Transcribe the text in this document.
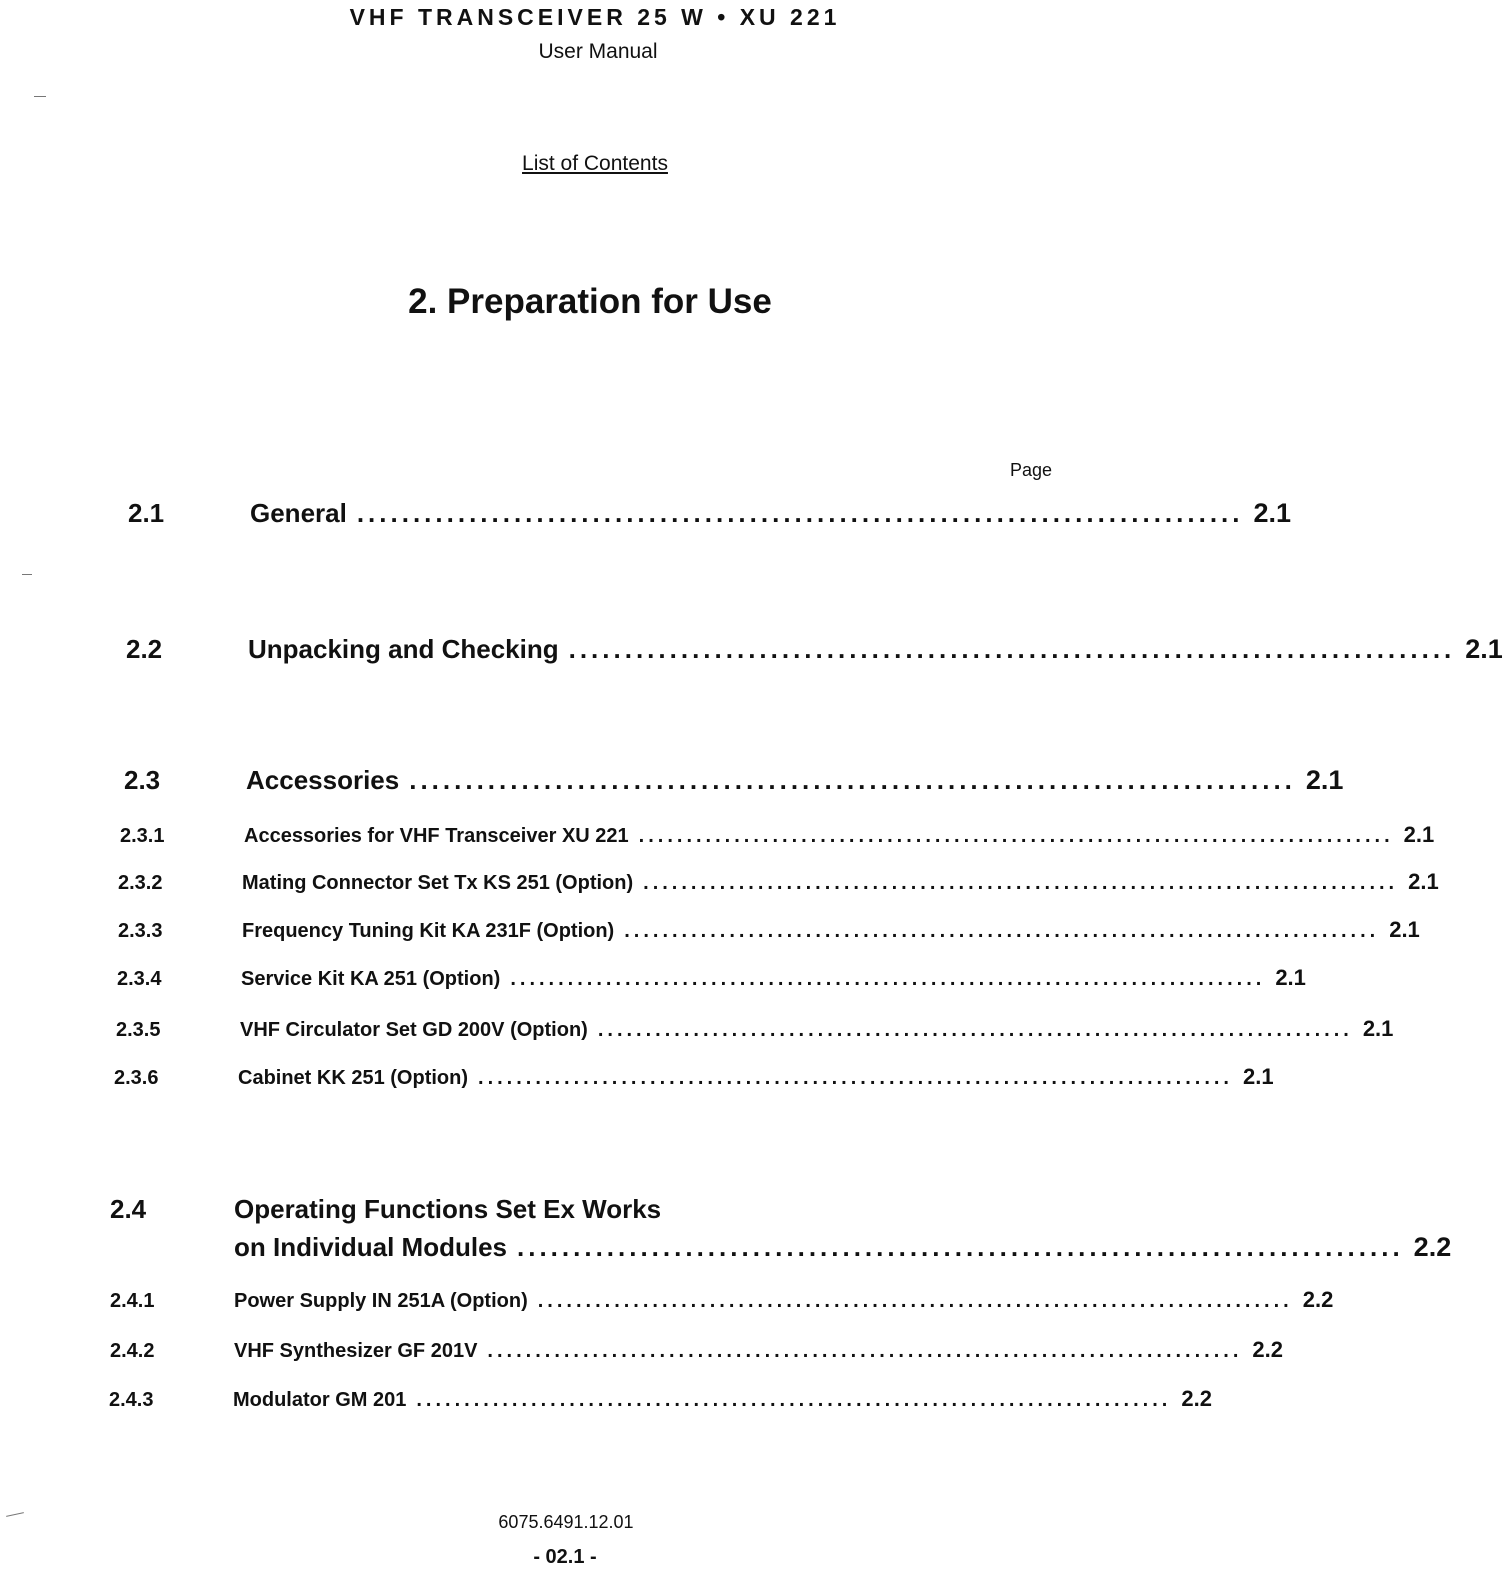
VHF TRANSCEIVER 25 W • XU 221
User Manual
List of Contents
2. Preparation for Use
Page
2.1	General ............................................................................... 2.1
2.2	Unpacking and Checking ............................................................................... 2.1
2.3	Accessories ............................................................................... 2.1
2.3.1	Accessories for VHF Transceiver XU 221 ............................................................................... 2.1
2.3.2	Mating Connector Set Tx KS 251 (Option) ............................................................................... 2.1
2.3.3	Frequency Tuning Kit KA 231F (Option) ............................................................................... 2.1
2.3.4	Service Kit KA 251 (Option) ............................................................................... 2.1
2.3.5	VHF Circulator Set GD 200V (Option) ............................................................................... 2.1
2.3.6	Cabinet KK 251 (Option) ............................................................................... 2.1
2.4	Operating Functions Set Ex Works
on Individual Modules ............................................................................... 2.2
2.4.1	Power Supply IN 251A (Option) ............................................................................... 2.2
2.4.2	VHF Synthesizer GF 201V ............................................................................... 2.2
2.4.3	Modulator GM 201 ............................................................................... 2.2
6075.6491.12.01
- 02.1 -
